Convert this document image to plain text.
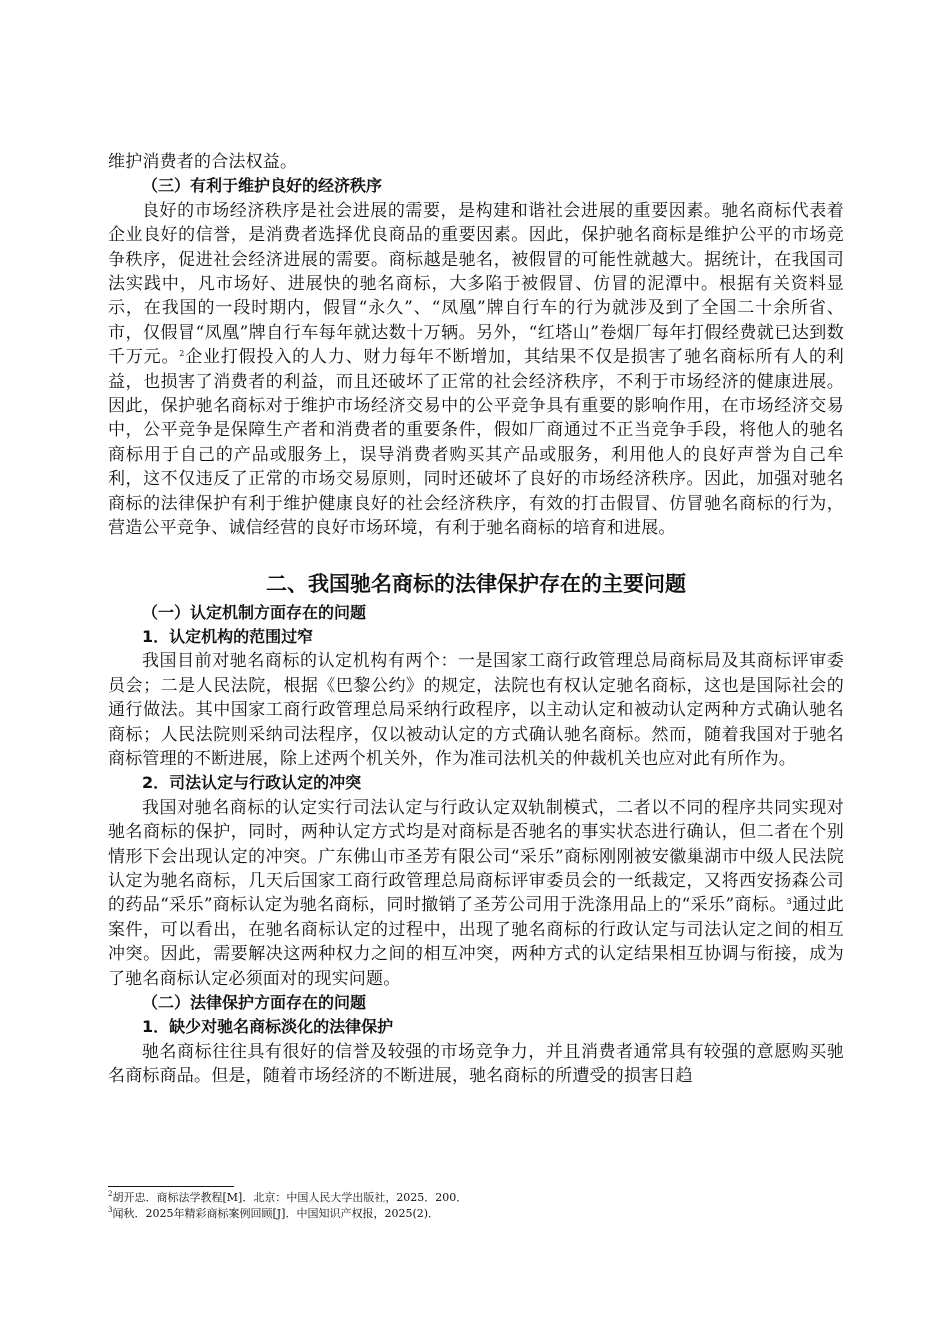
维护消费者的合法权益。

（三）有利于维护良好的经济秩序

良好的市场经济秩序是社会进展的需要，是构建和谐社会进展的重要因素。驰名商标代表着企业良好的信誉，是消费者选择优良商品的重要因素。因此，保护驰名商标是维护公平的市场竞争秩序，促进社会经济进展的需要。商标越是驰名，被假冒的可能性就越大。据统计，在我国司法实践中，凡市场好、进展快的驰名商标，大多陷于被假冒、仿冒的泥潭中。根据有关资料显示，在我国的一段时期内，假冒“永久”、“凤凰”牌自行车的行为就涉及到了全国二十余所省、市，仅假冒“凤凰”牌自行车每年就达数十万辆。另外，“红塔山”卷烟厂每年打假经费就已达到数千万元。$^2$企业打假投入的人力、财力每年不断增加，其结果不仅是损害了驰名商标所有人的利益，也损害了消费者的利益，而且还破坏了正常的社会经济秩序，不利于市场经济的健康进展。因此，保护驰名商标对于维护市场经济交易中的公平竞争具有重要的影响作用，在市场经济交易中，公平竞争是保障生产者和消费者的重要条件，假如厂商通过不正当竞争手段，将他人的驰名商标用于自己的产品或服务上，误导消费者购买其产品或服务，利用他人的良好声誉为自己牟利，这不仅违反了正常的市场交易原则，同时还破坏了良好的市场经济秩序。因此，加强对驰名商标的法律保护有利于维护健康良好的社会经济秩序，有效的打击假冒、仿冒驰名商标的行为，营造公平竞争、诚信经营的良好市场环境，有利于驰名商标的培育和进展。

二、我国驰名商标的法律保护存在的主要问题

（一）认定机制方面存在的问题

1．认定机构的范围过窄

我国目前对驰名商标的认定机构有两个：一是国家工商行政管理总局商标局及其商标评审委员会；二是人民法院，根据《巴黎公约》的规定，法院也有权认定驰名商标，这也是国际社会的通行做法。其中国家工商行政管理总局采纳行政程序，以主动认定和被动认定两种方式确认驰名商标；人民法院则采纳司法程序，仅以被动认定的方式确认驰名商标。然而，随着我国对于驰名商标管理的不断进展，除上述两个机关外，作为准司法机关的仲裁机关也应对此有所作为。

2．司法认定与行政认定的冲突

我国对驰名商标的认定实行司法认定与行政认定双轨制模式，二者以不同的程序共同实现对驰名商标的保护，同时，两种认定方式均是对商标是否驰名的事实状态进行确认，但二者在个别情形下会出现认定的冲突。广东佛山市圣芳有限公司“采乐”商标刚刚被安徽巢湖市中级人民法院认定为驰名商标，几天后国家工商行政管理总局商标评审委员会的一纸裁定，又将西安扬森公司的药品“采乐”商标认定为驰名商标，同时撤销了圣芳公司用于洗涤用品上的“采乐”商标。$^3$通过此案件，可以看出，在驰名商标认定的过程中，出现了驰名商标的行政认定与司法认定之间的相互冲突。因此，需要解决这两种权力之间的相互冲突，两种方式的认定结果相互协调与衔接，成为了驰名商标认定必须面对的现实问题。

（二）法律保护方面存在的问题

1．缺少对驰名商标淡化的法律保护

驰名商标往往具有很好的信誉及较强的市场竞争力，并且消费者通常具有较强的意愿购买驰名商标商品。但是，随着市场经济的不断进展，驰名商标的所遭受的损害日趋

$^2$胡开忠．商标法学教程[M]．北京：中国人民大学出版社，2025．200．

$^3$闻秋．2025年精彩商标案例回顾[J]．中国知识产权报，2025(2)．
